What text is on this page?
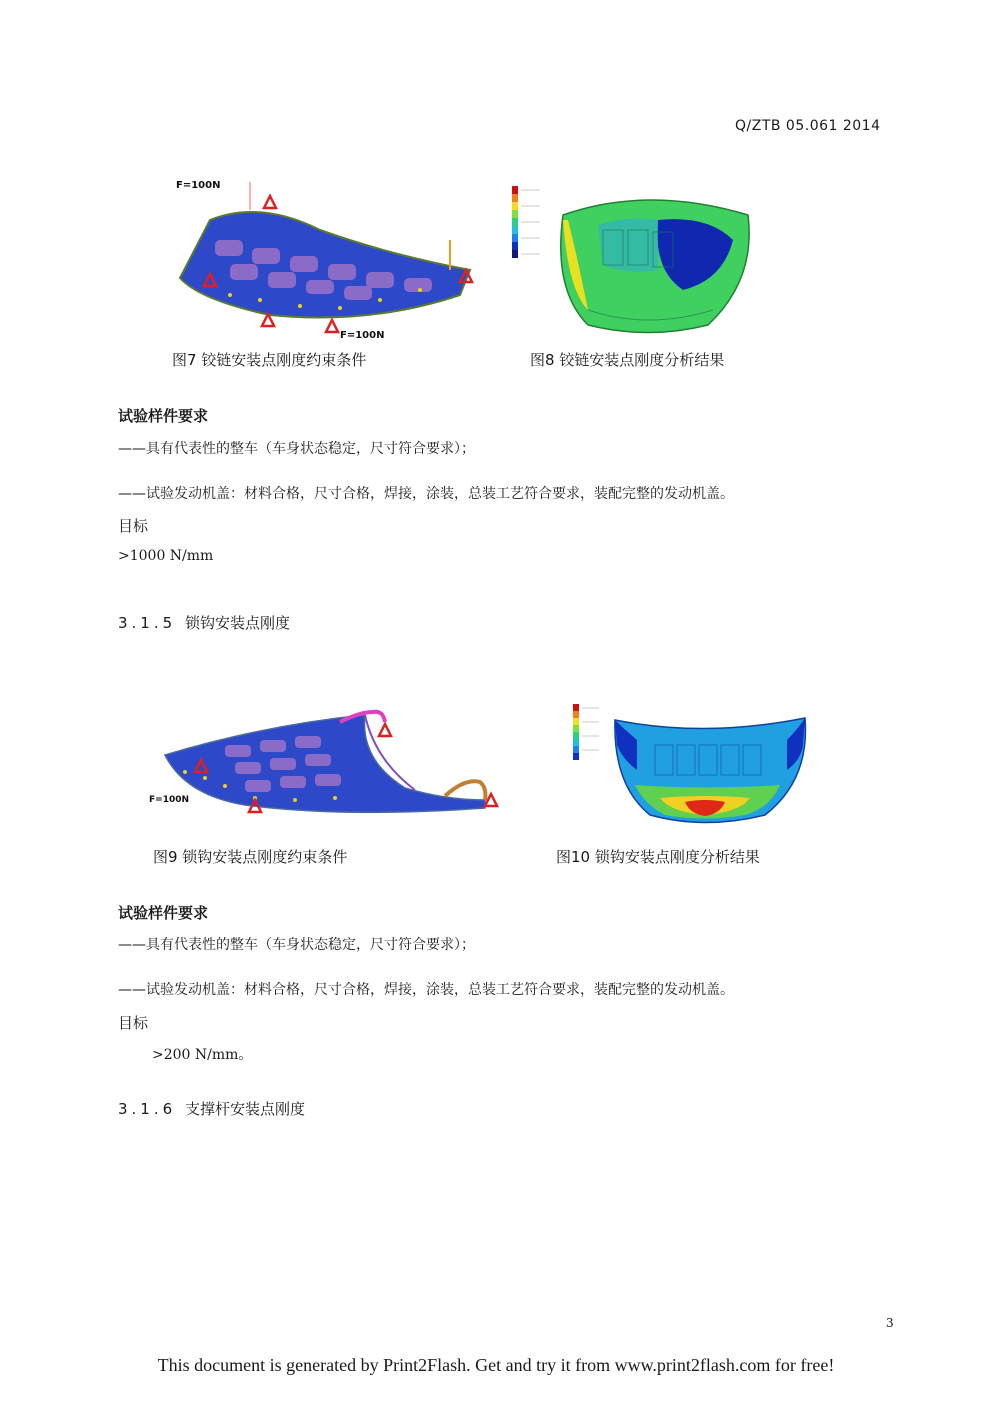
Q/ZTB 05.061 2014
F=100N
F=100N
图7 铰链安装点刚度约束条件	图8 铰链安装点刚度分析结果
试验样件要求
——具有代表性的整车（车身状态稳定，尺寸符合要求）；
——试验发动机盖：材料合格，尺寸合格，焊接，涂装，总装工艺符合要求，装配完整的发动机盖。
目标
>1000 N/mm
3.1.5 锁钩安装点刚度
F=100N
图9 锁钩安装点刚度约束条件	图10 锁钩安装点刚度分析结果
试验样件要求
——具有代表性的整车（车身状态稳定，尺寸符合要求）；
——试验发动机盖：材料合格，尺寸合格，焊接，涂装，总装工艺符合要求，装配完整的发动机盖。
目标
>200 N/mm。
3.1.6 支撑杆安装点刚度
3
This document is generated by Print2Flash. Get and try it from www.print2flash.com for free!
